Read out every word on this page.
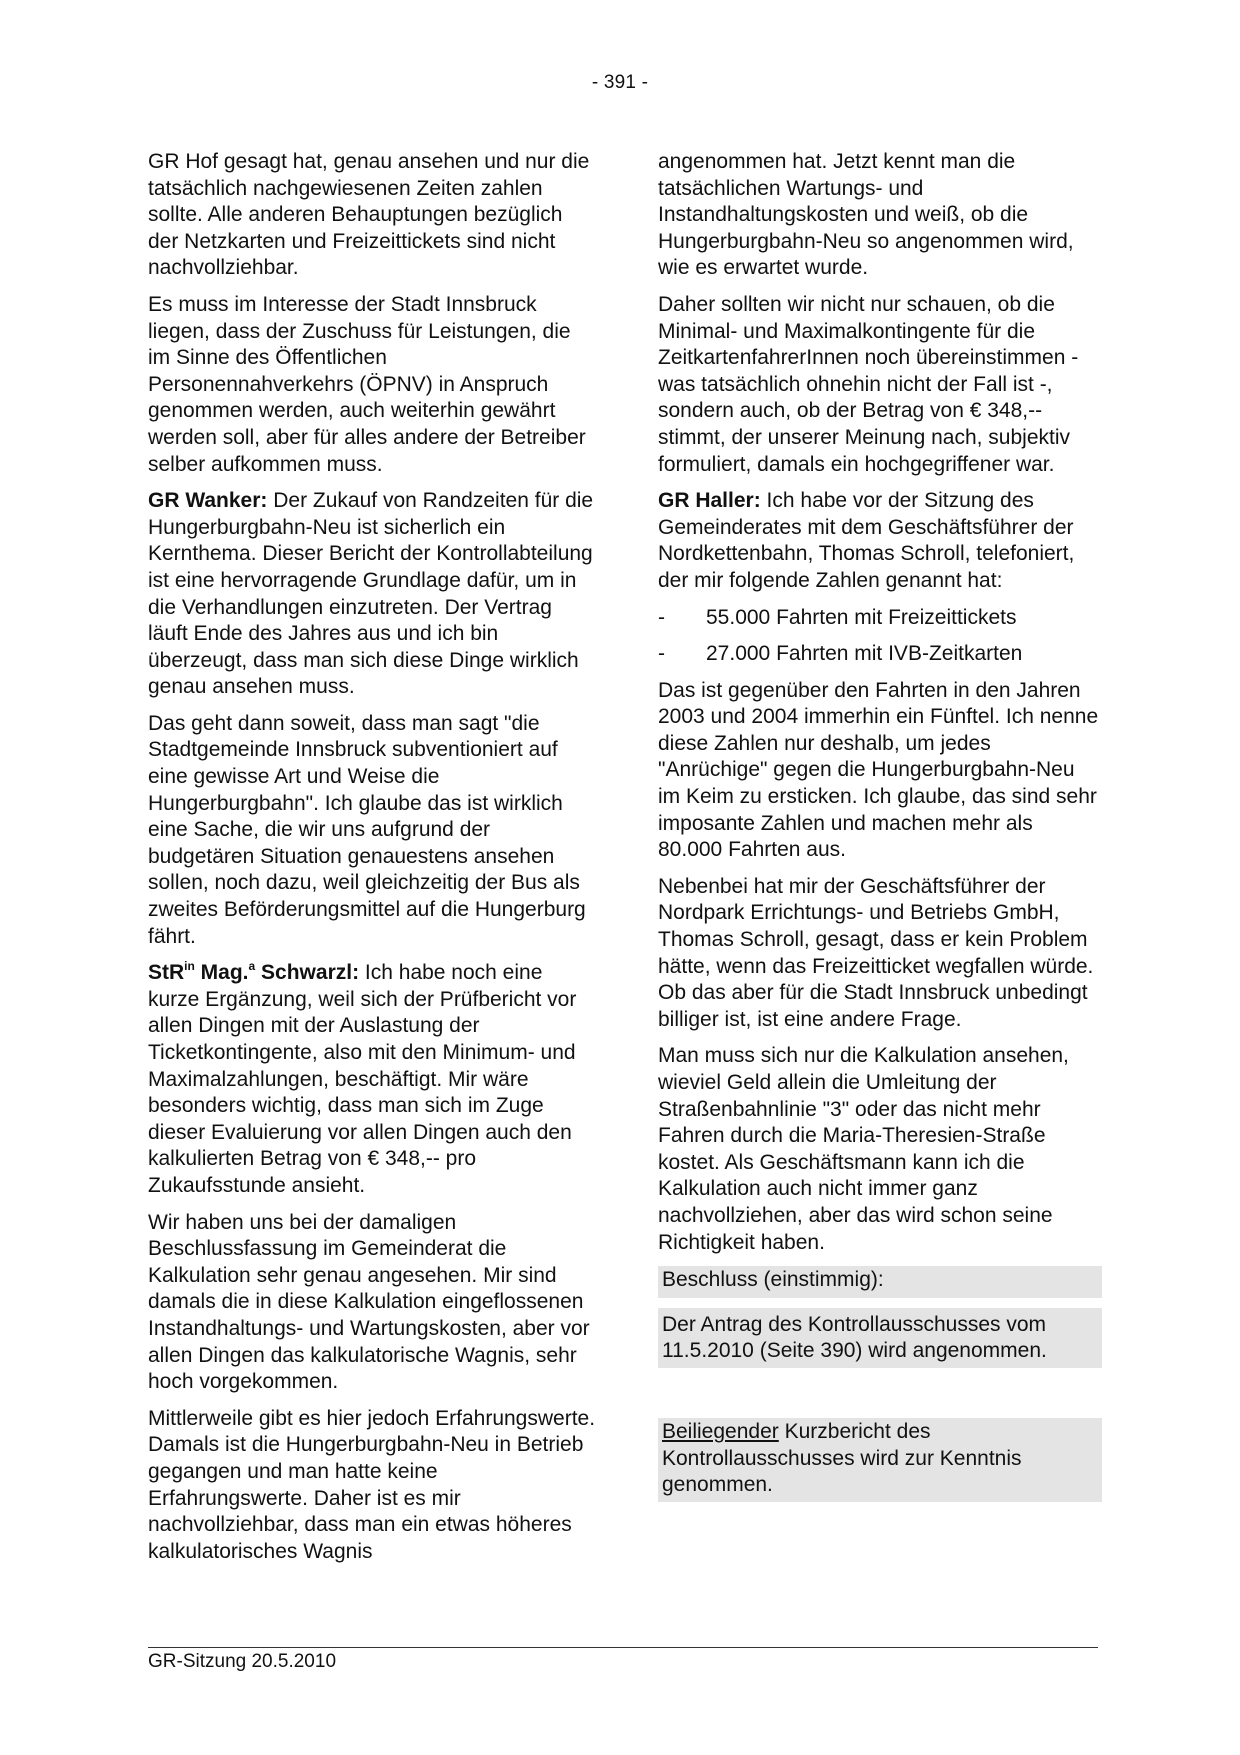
- 391 -

GR Hof gesagt hat, genau ansehen und nur die tatsächlich nachgewiesenen Zeiten zahlen sollte. Alle anderen Behauptungen bezüglich der Netzkarten und Freizeittickets sind nicht nachvollziehbar.

Es muss im Interesse der Stadt Innsbruck liegen, dass der Zuschuss für Leistungen, die im Sinne des Öffentlichen Personennahverkehrs (ÖPNV) in Anspruch genommen werden, auch weiterhin gewährt werden soll, aber für alles andere der Betreiber selber aufkommen muss.

GR Wanker: Der Zukauf von Randzeiten für die Hungerburgbahn-Neu ist sicherlich ein Kernthema. Dieser Bericht der Kontrollabteilung ist eine hervorragende Grundlage dafür, um in die Verhandlungen einzutreten. Der Vertrag läuft Ende des Jahres aus und ich bin überzeugt, dass man sich diese Dinge wirklich genau ansehen muss.

Das geht dann soweit, dass man sagt "die Stadtgemeinde Innsbruck subventioniert auf eine gewisse Art und Weise die Hungerburgbahn". Ich glaube das ist wirklich eine Sache, die wir uns aufgrund der budgetären Situation genauestens ansehen sollen, noch dazu, weil gleichzeitig der Bus als zweites Beförderungsmittel auf die Hungerburg fährt.

StR$^{in}$ Mag.$^a$ Schwarzl: Ich habe noch eine kurze Ergänzung, weil sich der Prüfbericht vor allen Dingen mit der Auslastung der Ticketkontingente, also mit den Minimum- und Maximalzahlungen, beschäftigt. Mir wäre besonders wichtig, dass man sich im Zuge dieser Evaluierung vor allen Dingen auch den kalkulierten Betrag von € 348,-- pro Zukaufsstunde ansieht.

Wir haben uns bei der damaligen Beschlussfassung im Gemeinderat die Kalkulation sehr genau angesehen. Mir sind damals die in diese Kalkulation eingeflossenen Instandhaltungs- und Wartungskosten, aber vor allen Dingen das kalkulatorische Wagnis, sehr hoch vorgekommen.

Mittlerweile gibt es hier jedoch Erfahrungswerte. Damals ist die Hungerburgbahn-Neu in Betrieb gegangen und man hatte keine Erfahrungswerte. Daher ist es mir nachvollziehbar, dass man ein etwas höheres kalkulatorisches Wagnis

angenommen hat. Jetzt kennt man die tatsächlichen Wartungs- und Instandhaltungskosten und weiß, ob die Hungerburgbahn-Neu so angenommen wird, wie es erwartet wurde.

Daher sollten wir nicht nur schauen, ob die Minimal- und Maximalkontingente für die ZeitkartenfahrerInnen noch übereinstimmen - was tatsächlich ohnehin nicht der Fall ist -, sondern auch, ob der Betrag von € 348,-- stimmt, der unserer Meinung nach, subjektiv formuliert, damals ein hochgegriffener war.

GR Haller: Ich habe vor der Sitzung des Gemeinderates mit dem Geschäftsführer der Nordkettenbahn, Thomas Schroll, telefoniert, der mir folgende Zahlen genannt hat:

-	55.000 Fahrten mit Freizeittickets
-	27.000 Fahrten mit IVB-Zeitkarten

Das ist gegenüber den Fahrten in den Jahren 2003 und 2004 immerhin ein Fünftel. Ich nenne diese Zahlen nur deshalb, um jedes "Anrüchige" gegen die Hungerburgbahn-Neu im Keim zu ersticken. Ich glaube, das sind sehr imposante Zahlen und machen mehr als 80.000 Fahrten aus.

Nebenbei hat mir der Geschäftsführer der Nordpark Errichtungs- und Betriebs GmbH, Thomas Schroll, gesagt, dass er kein Problem hätte, wenn das Freizeitticket wegfallen würde. Ob das aber für die Stadt Innsbruck unbedingt billiger ist, ist eine andere Frage.

Man muss sich nur die Kalkulation ansehen, wieviel Geld allein die Umleitung der Straßenbahnlinie "3" oder das nicht mehr Fahren durch die Maria-Theresien-Straße kostet. Als Geschäftsmann kann ich die Kalkulation auch nicht immer ganz nachvollziehen, aber das wird schon seine Richtigkeit haben.

Beschluss (einstimmig):

Der Antrag des Kontrollausschusses vom 11.5.2010 (Seite 390) wird angenommen.

Beiliegender Kurzbericht des Kontrollausschusses wird zur Kenntnis genommen.

GR-Sitzung 20.5.2010
